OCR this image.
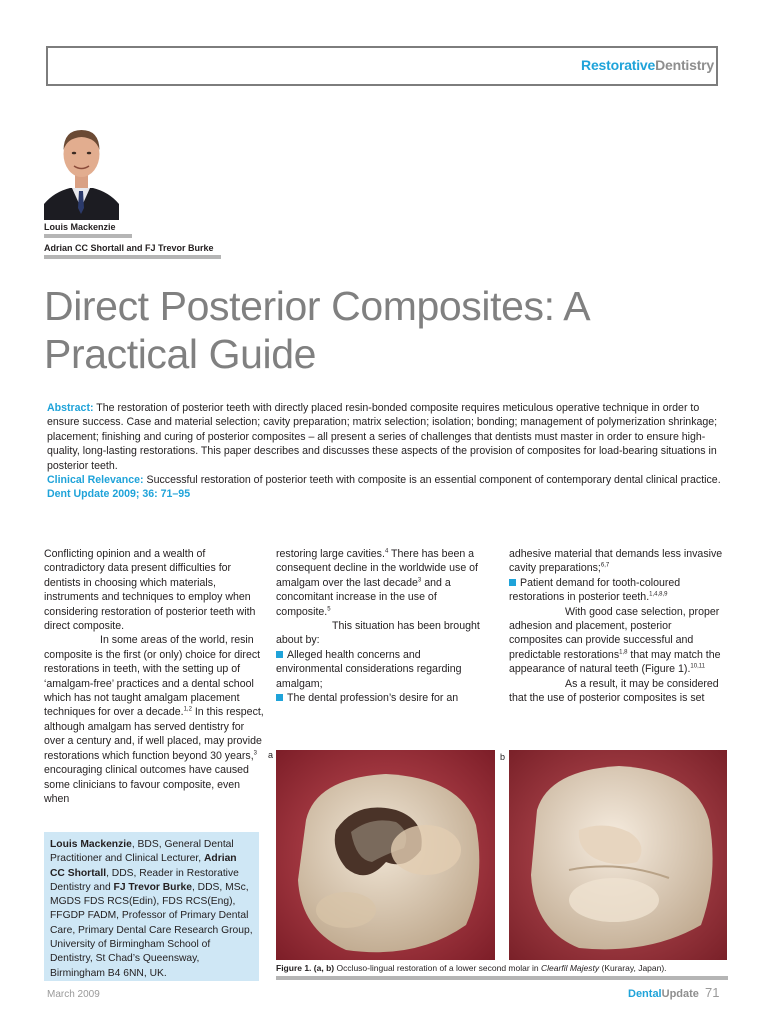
RestorativeDentistry
Louis Mackenzie
Adrian CC Shortall and FJ Trevor Burke
Direct Posterior Composites: A Practical Guide

Abstract: The restoration of posterior teeth with directly placed resin-bonded composite requires meticulous operative technique in order to ensure success. Case and material selection; cavity preparation; matrix selection; isolation; bonding; management of polymerization shrinkage; placement; finishing and curing of posterior composites – all present a series of challenges that dentists must master in order to ensure high-quality, long-lasting restorations. This paper describes and discusses these aspects of the provision of composites for load-bearing situations in posterior teeth.

Clinical Relevance: Successful restoration of posterior teeth with composite is an essential component of contemporary dental clinical practice.

Dent Update 2009; 36: 71–95

Conflicting opinion and a wealth of contradictory data present difficulties for dentists in choosing which materials, instruments and techniques to employ when considering restoration of posterior teeth with direct composite.

In some areas of the world, resin composite is the first (or only) choice for direct restorations in teeth, with the setting up of ‘amalgam-free’ practices and a dental school which has not taught amalgam placement techniques for over a decade.$^{1,2}$ In this respect, although amalgam has served dentistry for over a century and, if well placed, may provide restorations which function beyond 30 years,$^3$ encouraging clinical outcomes have caused some clinicians to favour composite, even when

restoring large cavities.$^4$ There has been a consequent decline in the worldwide use of amalgam over the last decade$^3$ and a concomitant increase in the use of composite.$^5$

This situation has been brought about by:

Alleged health concerns and environmental considerations regarding amalgam;

The dental profession’s desire for an

adhesive material that demands less invasive cavity preparations;$^{6,7}$

Patient demand for tooth-coloured restorations in posterior teeth.$^{1,4,8,9}$

With good case selection, proper adhesion and placement, posterior composites can provide successful and predictable restorations$^{1,8}$ that may match the appearance of natural teeth (Figure 1).$^{10,11}$

As a result, it may be considered that the use of posterior composites is set

Louis Mackenzie, BDS, General Dental Practitioner and Clinical Lecturer, Adrian CC Shortall, DDS, Reader in Restorative Dentistry and FJ Trevor Burke, DDS, MSc, MGDS FDS RCS(Edin), FDS RCS(Eng), FFGDP FADM, Professor of Primary Dental Care, Primary Dental Care Research Group, University of Birmingham School of Dentistry, St Chad’s Queensway, Birmingham B4 6NN, UK.

a	b
Figure 1. (a, b) Occluso-lingual restoration of a lower second molar in Clearfil Majesty (Kuraray, Japan).
March 2009	DentalUpdate 71
